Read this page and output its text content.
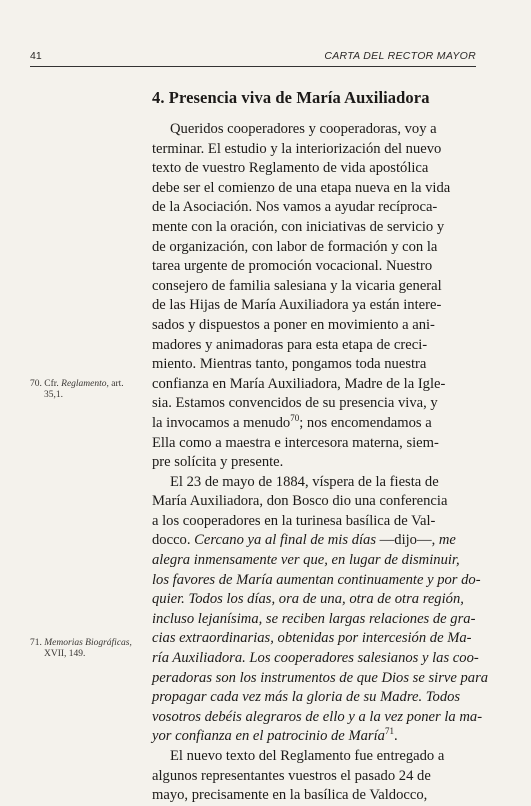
41	CARTA DEL RECTOR MAYOR
4. Presencia viva de María Auxiliadora
Queridos cooperadores y cooperadoras, voy a
terminar. El estudio y la interiorización del nuevo
texto de vuestro Reglamento de vida apostólica
debe ser el comienzo de una etapa nueva en la vida
de la Asociación. Nos vamos a ayudar recíproca-
mente con la oración, con iniciativas de servicio y
de organización, con labor de formación y con la
tarea urgente de promoción vocacional. Nuestro
consejero de familia salesiana y la vicaria general
de las Hijas de María Auxiliadora ya están intere-
sados y dispuestos a poner en movimiento a ani-
madores y animadoras para esta etapa de creci-
miento. Mientras tanto, pongamos toda nuestra
confianza en María Auxiliadora, Madre de la Igle-
sia. Estamos convencidos de su presencia viva, y
la invocamos a menudo$^{70}$; nos encomendamos a
Ella como a maestra e intercesora materna, siem-
pre solícita y presente.
El 23 de mayo de 1884, víspera de la fiesta de
María Auxiliadora, don Bosco dio una conferencia
a los cooperadores en la turinesa basílica de Val-
docco. Cercano ya al final de mis días —dijo—, me
alegra inmensamente ver que, en lugar de disminuir,
los favores de María aumentan continuamente y por do-
quier. Todos los días, ora de una, otra de otra región,
incluso lejanísima, se reciben largas relaciones de gra-
cias extraordinarias, obtenidas por intercesión de Ma-
ría Auxiliadora. Los cooperadores salesianos y las coo-
peradoras son los instrumentos de que Dios se sirve para
propagar cada vez más la gloria de su Madre. Todos
vosotros debéis alegraros de ello y a la vez poner la ma-
yor confianza en el patrocinio de María$^{71}$.
El nuevo texto del Reglamento fue entregado a
algunos representantes vuestros el pasado 24 de
mayo, precisamente en la basílica de Valdocco,
70. Cfr. Reglamento, art.
35,1.
71. Memorias Biográficas,
XVII, 149.
